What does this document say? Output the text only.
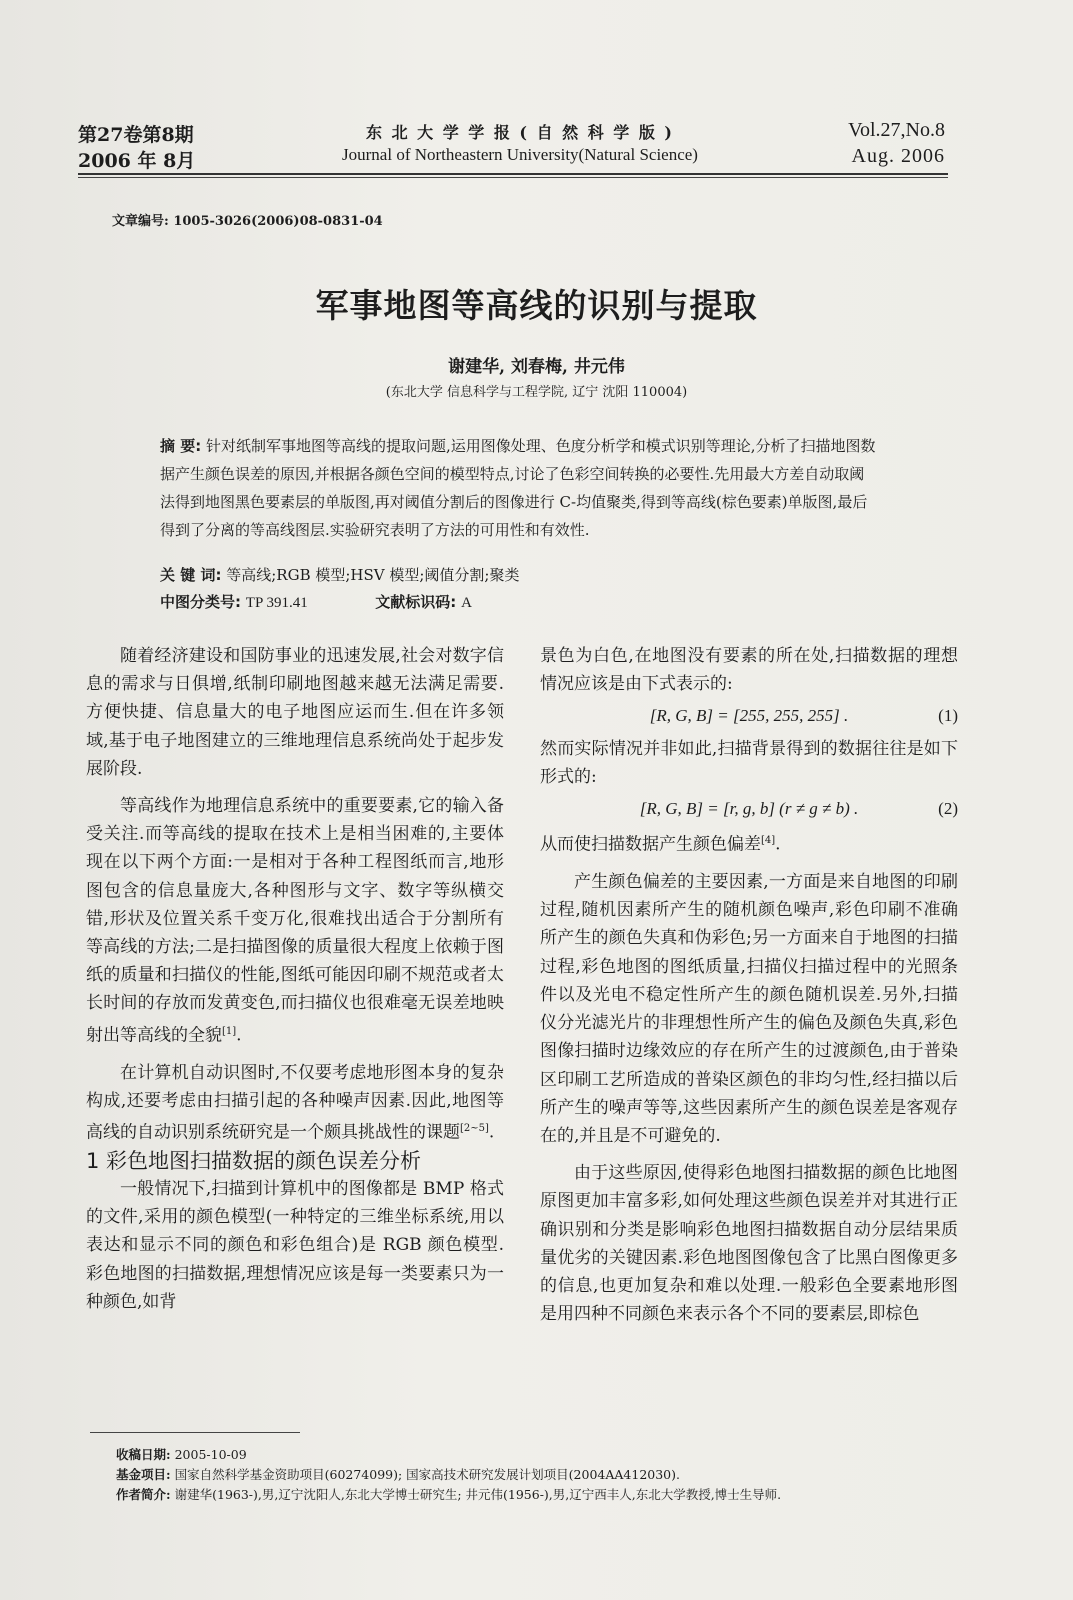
第27卷第8期
2006 年 8月
东 北 大 学 学 报 ( 自 然 科 学 版 )
Journal of Northeastern University(Natural Science)
Vol.27,No.8
Aug. 2006
文章编号: 1005-3026(2006)08-0831-04
军事地图等高线的识别与提取
谢建华, 刘春梅, 井元伟
(东北大学 信息科学与工程学院, 辽宁 沈阳 110004)
摘 要: 针对纸制军事地图等高线的提取问题,运用图像处理、色度分析学和模式识别等理论,分析了扫描地图数据产生颜色误差的原因,并根据各颜色空间的模型特点,讨论了色彩空间转换的必要性.先用最大方差自动取阈法得到地图黑色要素层的单版图,再对阈值分割后的图像进行 C-均值聚类,得到等高线(棕色要素)单版图,最后得到了分离的等高线图层.实验研究表明了方法的可用性和有效性.
关 键 词: 等高线;RGB 模型;HSV 模型;阈值分割;聚类
中图分类号: TP 391.41	文献标识码: A

随着经济建设和国防事业的迅速发展,社会对数字信息的需求与日俱增,纸制印刷地图越来越无法满足需要.方便快捷、信息量大的电子地图应运而生.但在许多领域,基于电子地图建立的三维地理信息系统尚处于起步发展阶段.

等高线作为地理信息系统中的重要要素,它的输入备受关注.而等高线的提取在技术上是相当困难的,主要体现在以下两个方面:一是相对于各种工程图纸而言,地形图包含的信息量庞大,各种图形与文字、数字等纵横交错,形状及位置关系千变万化,很难找出适合于分割所有等高线的方法;二是扫描图像的质量很大程度上依赖于图纸的质量和扫描仪的性能,图纸可能因印刷不规范或者太长时间的存放而发黄变色,而扫描仪也很难毫无误差地映射出等高线的全貌[1].

在计算机自动识图时,不仅要考虑地形图本身的复杂构成,还要考虑由扫描引起的各种噪声因素.因此,地图等高线的自动识别系统研究是一个颇具挑战性的课题[2~5].

1 彩色地图扫描数据的颜色误差分析

一般情况下,扫描到计算机中的图像都是 BMP 格式的文件,采用的颜色模型(一种特定的三维坐标系统,用以表达和显示不同的颜色和彩色组合)是 RGB 颜色模型.彩色地图的扫描数据,理想情况应该是每一类要素只为一种颜色,如背

景色为白色,在地图没有要素的所在处,扫描数据的理想情况应该是由下式表示的:

[R, G, B] = [255, 255, 255] .	(1)

然而实际情况并非如此,扫描背景得到的数据往往是如下形式的:

[R, G, B] = [r, g, b] (r ≠ g ≠ b) .	(2)

从而使扫描数据产生颜色偏差[4].

产生颜色偏差的主要因素,一方面是来自地图的印刷过程,随机因素所产生的随机颜色噪声,彩色印刷不准确所产生的颜色失真和伪彩色;另一方面来自于地图的扫描过程,彩色地图的图纸质量,扫描仪扫描过程中的光照条件以及光电不稳定性所产生的颜色随机误差.另外,扫描仪分光滤光片的非理想性所产生的偏色及颜色失真,彩色图像扫描时边缘效应的存在所产生的过渡颜色,由于普染区印刷工艺所造成的普染区颜色的非均匀性,经扫描以后所产生的噪声等等,这些因素所产生的颜色误差是客观存在的,并且是不可避免的.

由于这些原因,使得彩色地图扫描数据的颜色比地图原图更加丰富多彩,如何处理这些颜色误差并对其进行正确识别和分类是影响彩色地图扫描数据自动分层结果质量优劣的关键因素.彩色地图图像包含了比黑白图像更多的信息,也更加复杂和难以处理.一般彩色全要素地形图是用四种不同颜色来表示各个不同的要素层,即棕色

收稿日期: 2005-10-09
基金项目: 国家自然科学基金资助项目(60274099); 国家高技术研究发展计划项目(2004AA412030).
作者简介: 谢建华(1963-),男,辽宁沈阳人,东北大学博士研究生; 井元伟(1956-),男,辽宁西丰人,东北大学教授,博士生导师.
